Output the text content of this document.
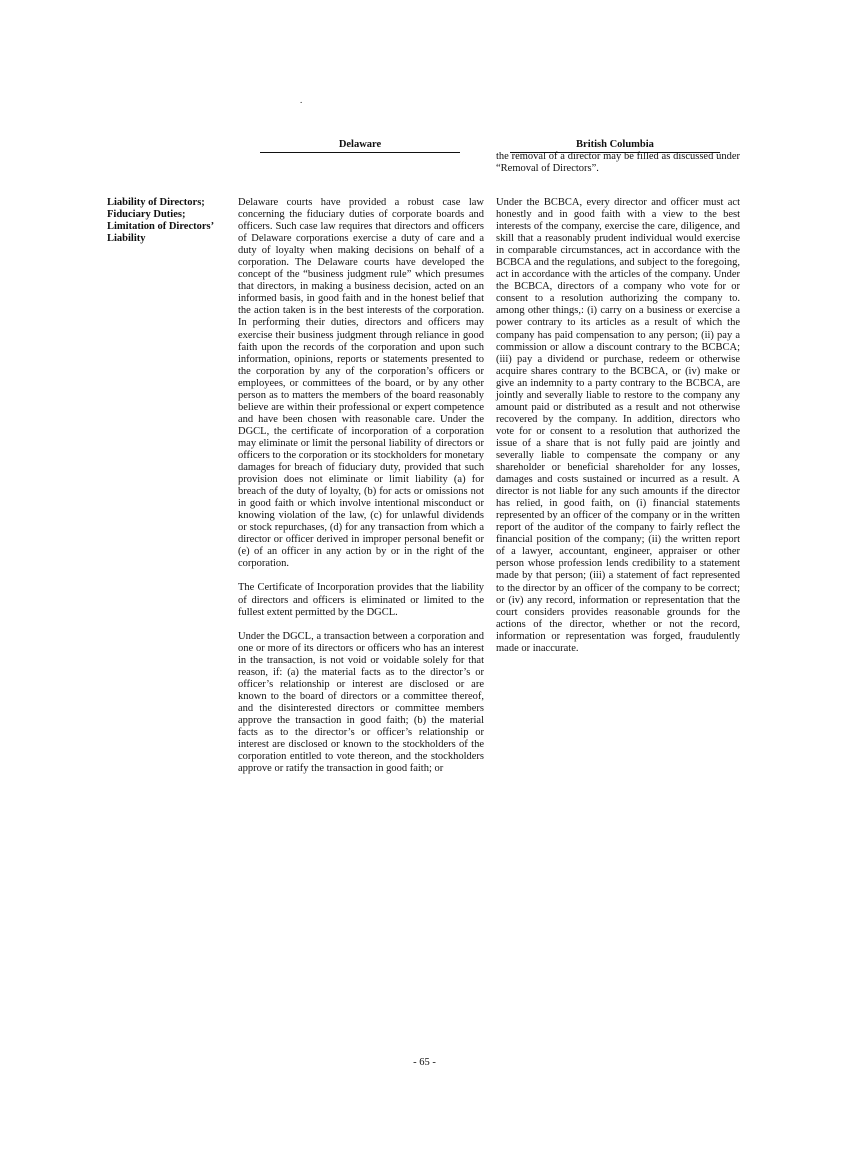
.
Delaware	British Columbia

the removal of a director may be filled as discussed under “Removal of Directors”.

Liability of Directors; Fiduciary Duties; Limitation of Directors’ Liability

Delaware courts have provided a robust case law concerning the fiduciary duties of corporate boards and officers. Such case law requires that directors and officers of Delaware corporations exercise a duty of care and a duty of loyalty when making decisions on behalf of a corporation. The Delaware courts have developed the concept of the “business judgment rule” which presumes that directors, in making a business decision, acted on an informed basis, in good faith and in the honest belief that the action taken is in the best interests of the corporation. In performing their duties, directors and officers may exercise their business judgment through reliance in good faith upon the records of the corporation and upon such information, opinions, reports or statements presented to the corporation by any of the corporation’s officers or employees, or committees of the board, or by any other person as to matters the members of the board reasonably believe are within their professional or expert competence and have been chosen with reasonable care. Under the DGCL, the certificate of incorporation of a corporation may eliminate or limit the personal liability of directors or officers to the corporation or its stockholders for monetary damages for breach of fiduciary duty, provided that such provision does not eliminate or limit liability (a) for breach of the duty of loyalty, (b) for acts or omissions not in good faith or which involve intentional misconduct or knowing violation of the law, (c) for unlawful dividends or stock repurchases, (d) for any transaction from which a director or officer derived in improper personal benefit or (e) of an officer in any action by or in the right of the corporation.

The Certificate of Incorporation provides that the liability of directors and officers is eliminated or limited to the fullest extent permitted by the DGCL.

Under the DGCL, a transaction between a corporation and one or more of its directors or officers who has an interest in the transaction, is not void or voidable solely for that reason, if: (a) the material facts as to the director’s or officer’s relationship or interest are disclosed or are known to the board of directors or a committee thereof, and the disinterested directors or committee members approve the transaction in good faith; (b) the material facts as to the director’s or officer’s relationship or interest are disclosed or known to the stockholders of the corporation entitled to vote thereon, and the stockholders approve or ratify the transaction in good faith; or

Under the BCBCA, every director and officer must act honestly and in good faith with a view to the best interests of the company, exercise the care, diligence, and skill that a reasonably prudent individual would exercise in comparable circumstances, act in accordance with the BCBCA and the regulations, and subject to the foregoing, act in accordance with the articles of the company. Under the BCBCA, directors of a company who vote for or consent to a resolution authorizing the company to. among other things,: (i) carry on a business or exercise a power contrary to its articles as a result of which the company has paid compensation to any person; (ii) pay a commission or allow a discount contrary to the BCBCA; (iii) pay a dividend or purchase, redeem or otherwise acquire shares contrary to the BCBCA, or (iv) make or give an indemnity to a party contrary to the BCBCA, are jointly and severally liable to restore to the company any amount paid or distributed as a result and not otherwise recovered by the company. In addition, directors who vote for or consent to a resolution that authorized the issue of a share that is not fully paid are jointly and severally liable to compensate the company or any shareholder or beneficial shareholder for any losses, damages and costs sustained or incurred as a result. A director is not liable for any such amounts if the director has relied, in good faith, on (i) financial statements represented by an officer of the company or in the written report of the auditor of the company to fairly reflect the financial position of the company; (ii) the written report of a lawyer, accountant, engineer, appraiser or other person whose profession lends credibility to a statement made by that person; (iii) a statement of fact represented to the director by an officer of the company to be correct; or (iv) any record, information or representation that the court considers provides reasonable grounds for the actions of the director, whether or not the record, information or representation was forged, fraudulently made or inaccurate.

- 65 -
